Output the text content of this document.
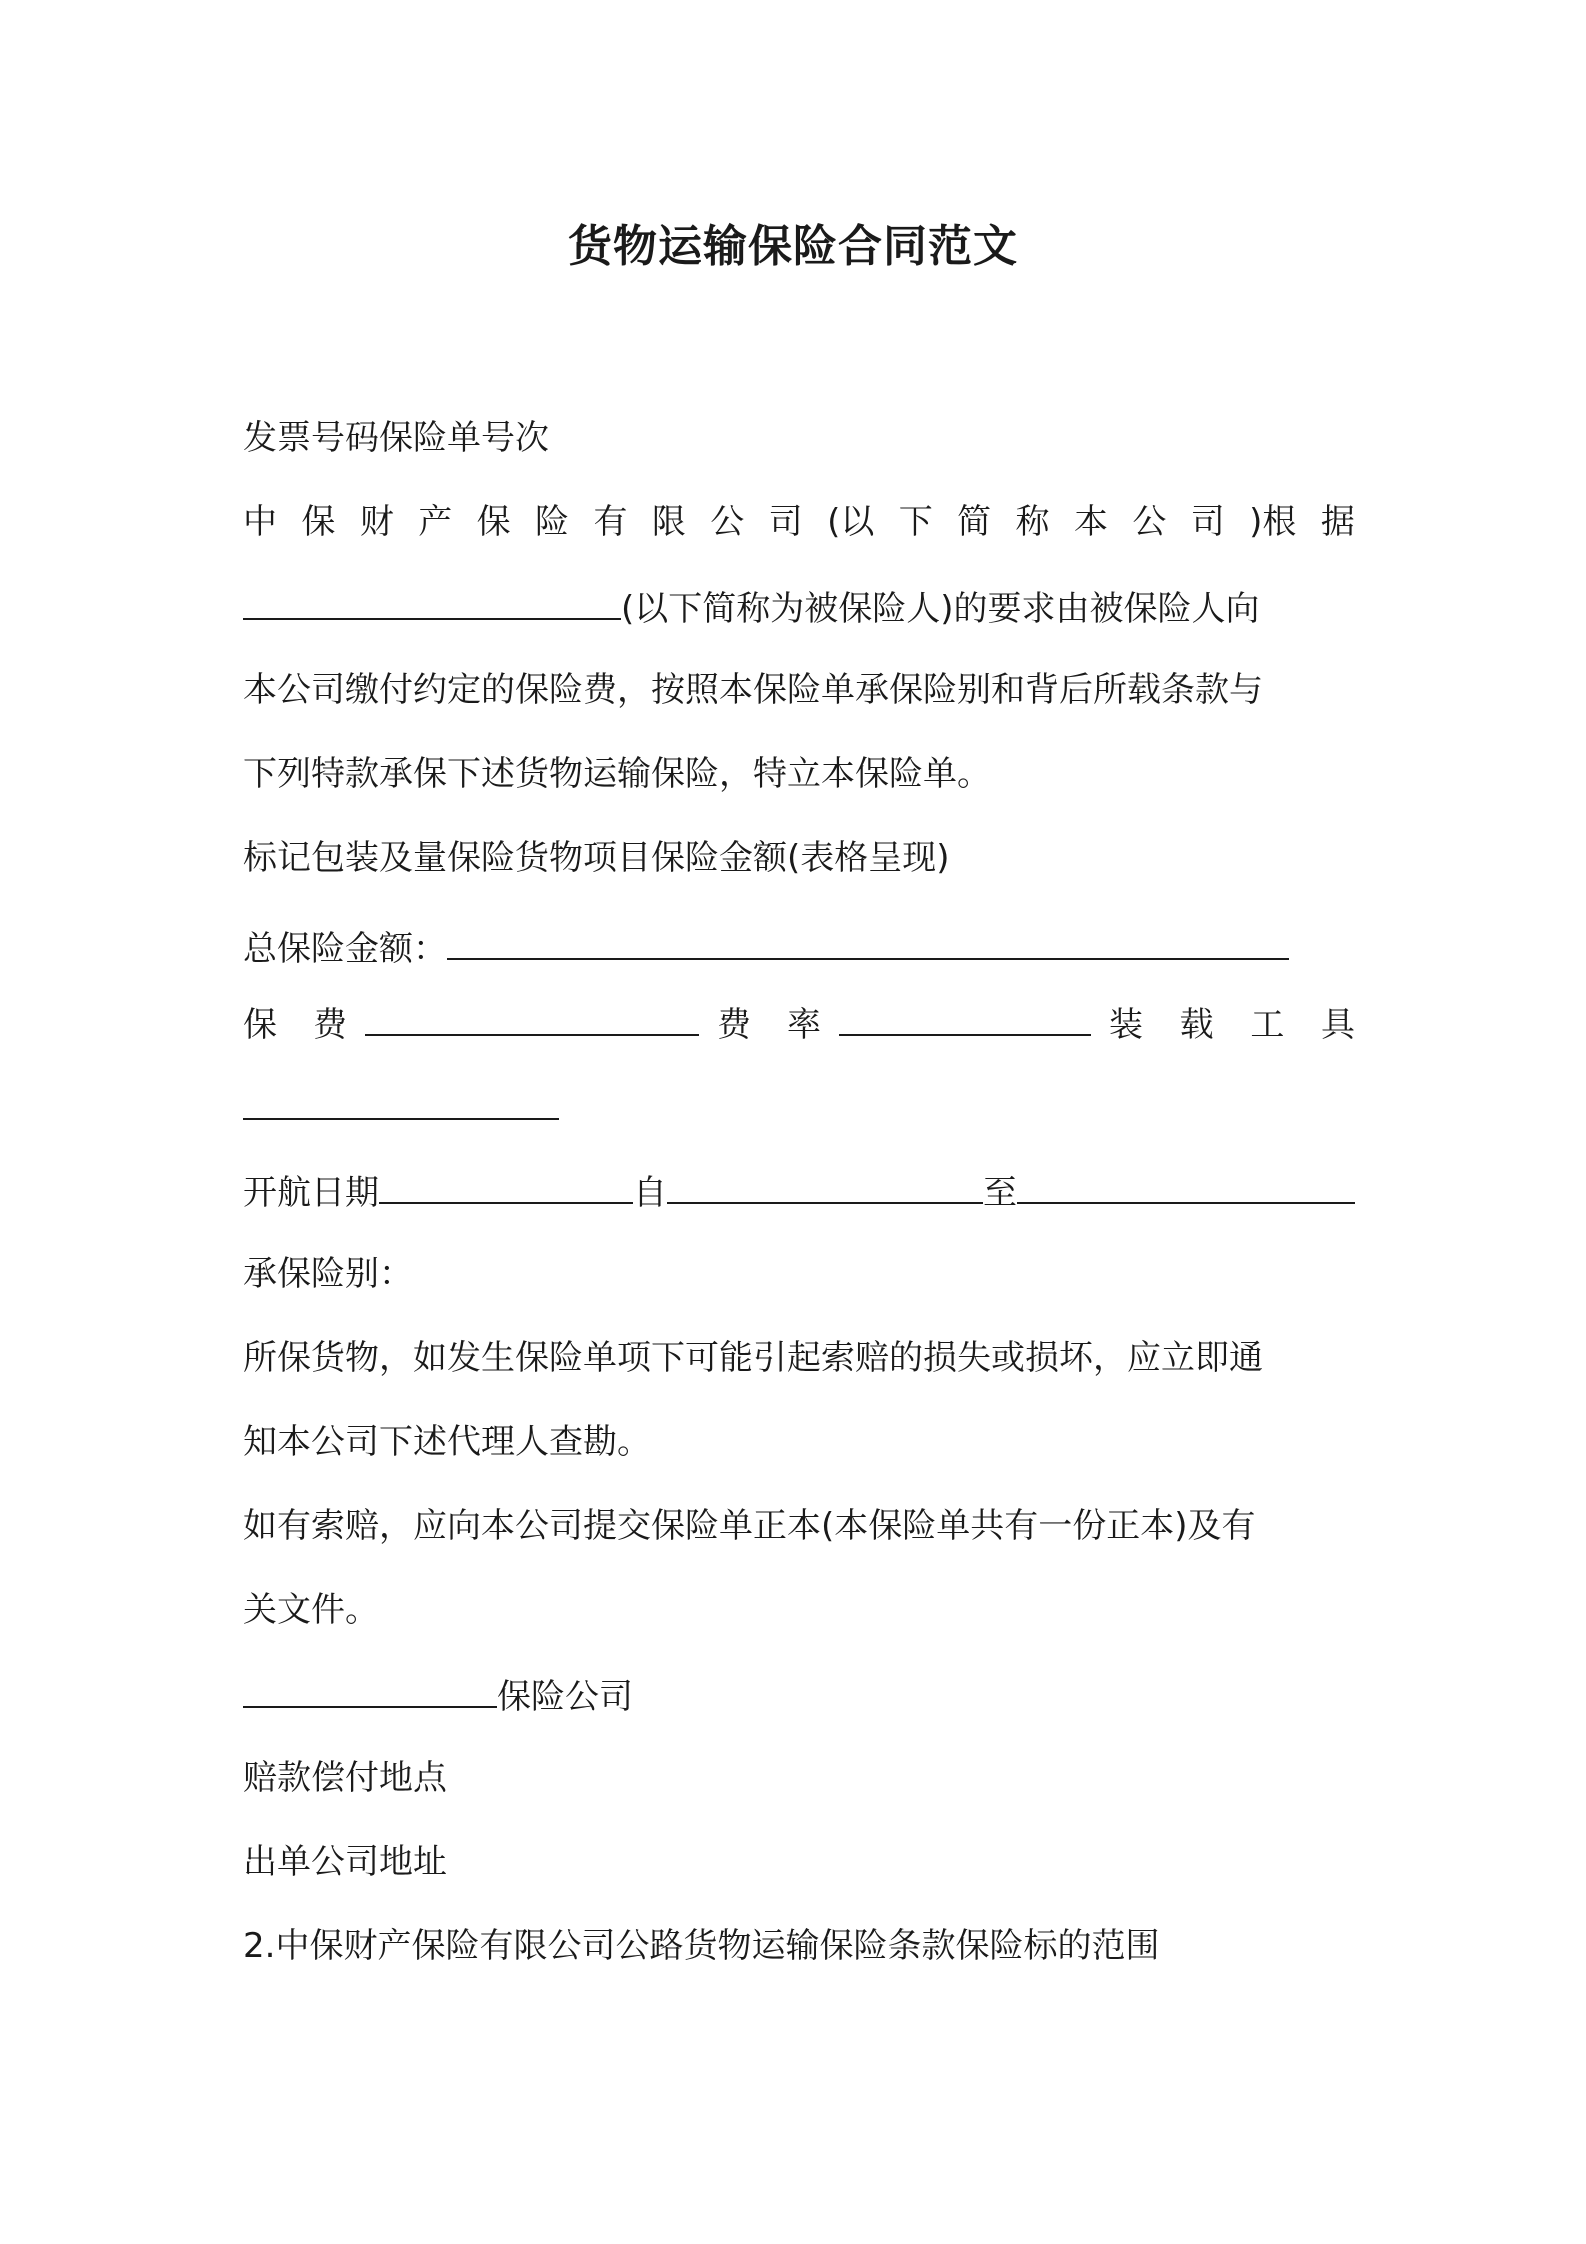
货物运输保险合同范文
发票号码保险单号次
中 保 财 产 保 险 有 限 公 司 (以 下 简 称 本 公 司 )根 据
(以下简称为被保险人)的要求由被保险人向
本公司缴付约定的保险费，按照本保险单承保险别和背后所载条款与
下列特款承保下述货物运输保险，特立本保险单。
标记包装及量保险货物项目保险金额(表格呈现)
总保险金额：
保 费	费 率	装 载 工 具
开航日期	自	至
承保险别：
所保货物，如发生保险单项下可能引起索赔的损失或损坏，应立即通
知本公司下述代理人查勘。
如有索赔，应向本公司提交保险单正本(本保险单共有一份正本)及有
关文件。
保险公司
赔款偿付地点
出单公司地址
2.中保财产保险有限公司公路货物运输保险条款保险标的范围
